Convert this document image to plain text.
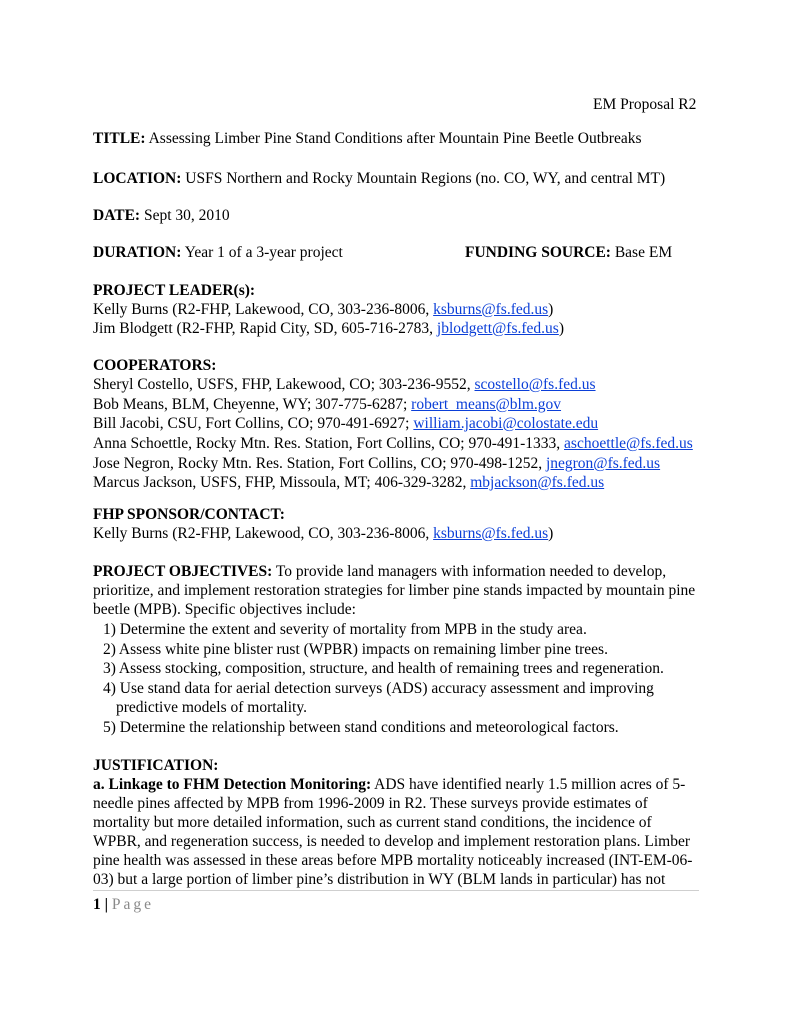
EM Proposal R2
TITLE: Assessing Limber Pine Stand Conditions after Mountain Pine Beetle Outbreaks
LOCATION: USFS Northern and Rocky Mountain Regions (no. CO, WY, and central MT)
DATE: Sept 30, 2010
DURATION: Year 1 of a 3-year project	FUNDING SOURCE: Base EM
PROJECT LEADER(s):
Kelly Burns (R2-FHP, Lakewood, CO, 303-236-8006, ksburns@fs.fed.us)
Jim Blodgett (R2-FHP, Rapid City, SD, 605-716-2783, jblodgett@fs.fed.us)
COOPERATORS:
Sheryl Costello, USFS, FHP, Lakewood, CO; 303-236-9552, scostello@fs.fed.us
Bob Means, BLM, Cheyenne, WY; 307-775-6287; robert_means@blm.gov
Bill Jacobi, CSU, Fort Collins, CO; 970-491-6927; william.jacobi@colostate.edu
Anna Schoettle, Rocky Mtn. Res. Station, Fort Collins, CO; 970-491-1333, aschoettle@fs.fed.us
Jose Negron, Rocky Mtn. Res. Station, Fort Collins, CO; 970-498-1252, jnegron@fs.fed.us
Marcus Jackson, USFS, FHP, Missoula, MT; 406-329-3282, mbjackson@fs.fed.us
FHP SPONSOR/CONTACT:
Kelly Burns (R2-FHP, Lakewood, CO, 303-236-8006, ksburns@fs.fed.us)
PROJECT OBJECTIVES: To provide land managers with information needed to develop,
prioritize, and implement restoration strategies for limber pine stands impacted by mountain pine
beetle (MPB). Specific objectives include:
1) Determine the extent and severity of mortality from MPB in the study area.
2) Assess white pine blister rust (WPBR) impacts on remaining limber pine trees.
3) Assess stocking, composition, structure, and health of remaining trees and regeneration.
4) Use stand data for aerial detection surveys (ADS) accuracy assessment and improving
predictive models of mortality.
5) Determine the relationship between stand conditions and meteorological factors.
JUSTIFICATION:
a. Linkage to FHM Detection Monitoring: ADS have identified nearly 1.5 million acres of 5-
needle pines affected by MPB from 1996-2009 in R2. These surveys provide estimates of
mortality but more detailed information, such as current stand conditions, the incidence of
WPBR, and regeneration success, is needed to develop and implement restoration plans. Limber
pine health was assessed in these areas before MPB mortality noticeably increased (INT-EM-06-
03) but a large portion of limber pine’s distribution in WY (BLM lands in particular) has not
1 | Page
